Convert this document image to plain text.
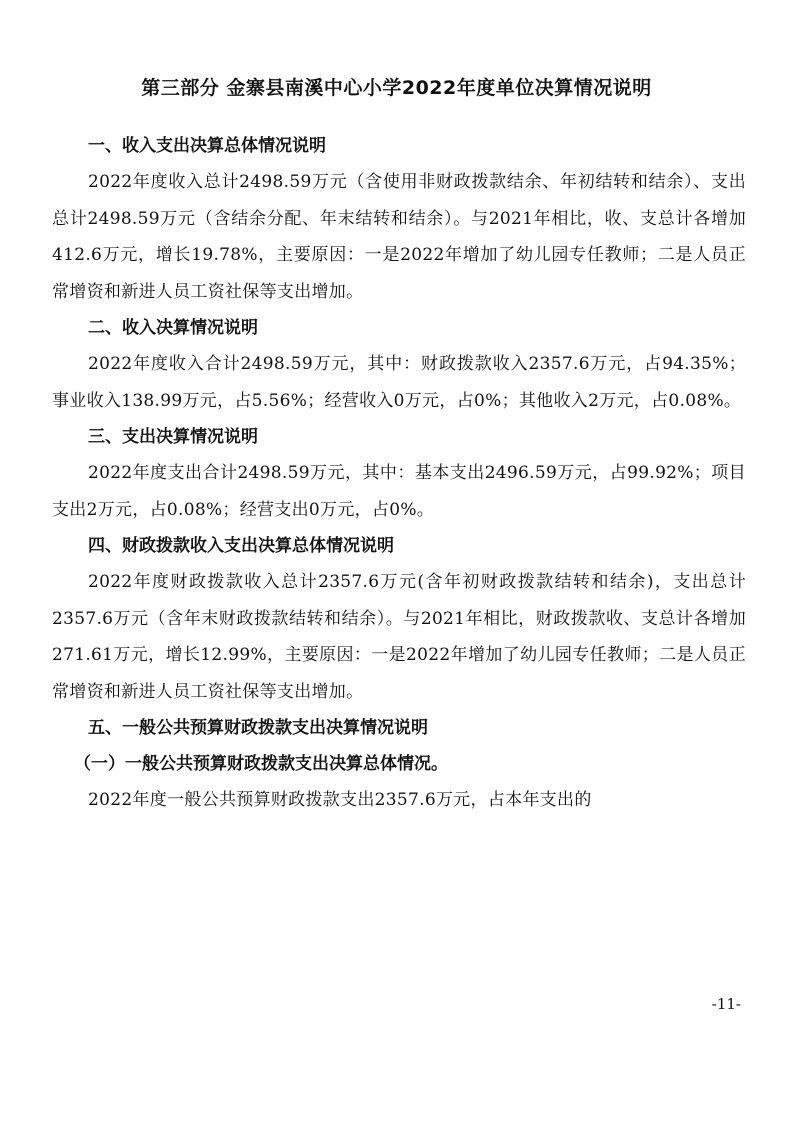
第三部分 金寨县南溪中心小学2022年度单位决算情况说明

一、收入支出决算总体情况说明

2022年度收入总计2498.59万元（含使用非财政拨款结余、年初结转和结余）、支出总计2498.59万元（含结余分配、年末结转和结余）。与2021年相比，收、支总计各增加412.6万元，增长19.78%，主要原因：一是2022年增加了幼儿园专任教师；二是人员正常增资和新进人员工资社保等支出增加。

二、收入决算情况说明

2022年度收入合计2498.59万元，其中：财政拨款收入2357.6万元，占94.35%；事业收入138.99万元，占5.56%；经营收入0万元，占0%；其他收入2万元，占0.08%。

三、支出决算情况说明

2022年度支出合计2498.59万元，其中：基本支出2496.59万元，占99.92%；项目支出2万元，占0.08%；经营支出0万元，占0%。

四、财政拨款收入支出决算总体情况说明

2022年度财政拨款收入总计2357.6万元(含年初财政拨款结转和结余)，支出总计2357.6万元（含年末财政拨款结转和结余）。与2021年相比，财政拨款收、支总计各增加271.61万元，增长12.99%，主要原因：一是2022年增加了幼儿园专任教师；二是人员正常增资和新进人员工资社保等支出增加。

五、一般公共预算财政拨款支出决算情况说明

（一）一般公共预算财政拨款支出决算总体情况。

2022年度一般公共预算财政拨款支出2357.6万元，占本年支出的

-11-
